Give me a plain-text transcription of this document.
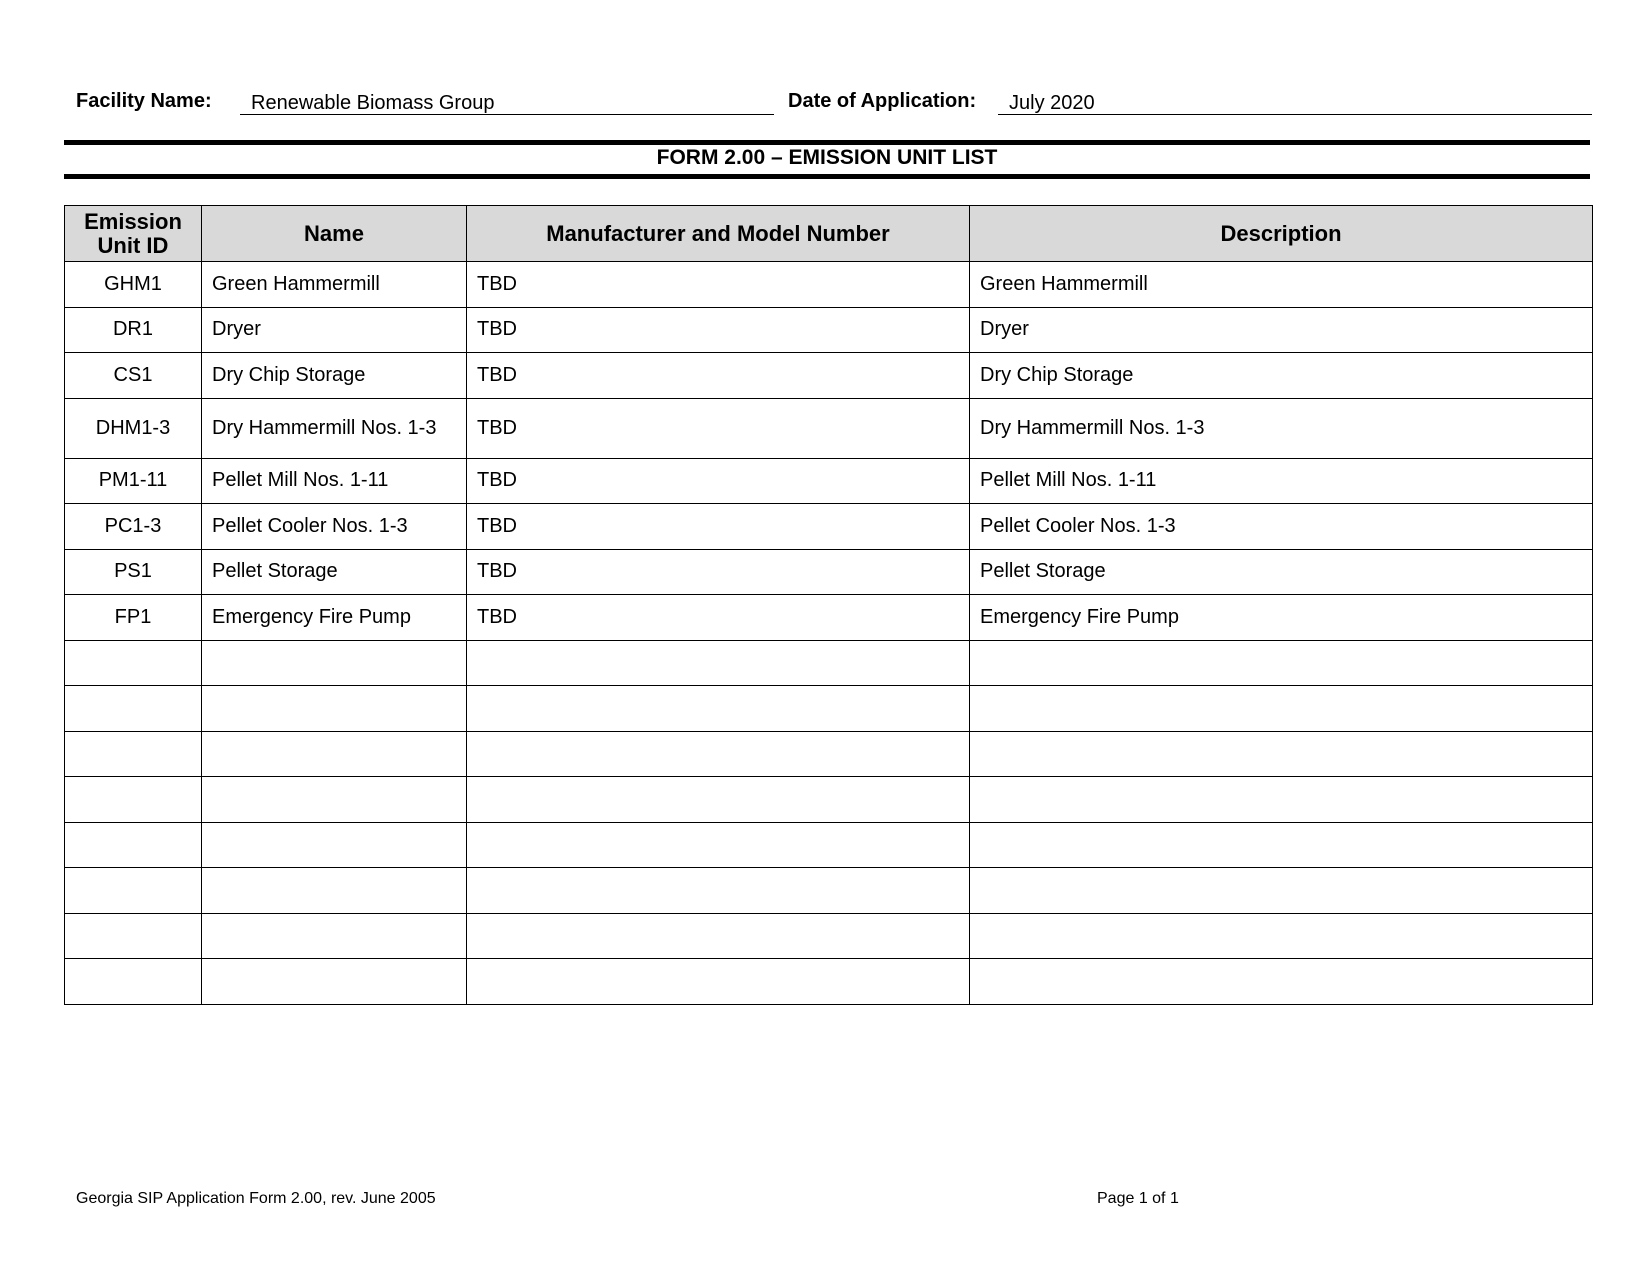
Facility Name:	Renewable Biomass Group	Date of Application:	July 2020
FORM 2.00 – EMISSION UNIT LIST
Emission Unit ID	Name	Manufacturer and Model Number	Description
GHM1	Green Hammermill	TBD	Green Hammermill
DR1	Dryer	TBD	Dryer
CS1	Dry Chip Storage	TBD	Dry Chip Storage
DHM1-3	Dry Hammermill Nos. 1-3	TBD	Dry Hammermill Nos. 1-3
PM1-11	Pellet Mill Nos. 1-11	TBD	Pellet Mill Nos. 1-11
PC1-3	Pellet Cooler Nos. 1-3	TBD	Pellet Cooler Nos. 1-3
PS1	Pellet Storage	TBD	Pellet Storage
FP1	Emergency Fire Pump	TBD	Emergency Fire Pump

Georgia SIP Application Form 2.00, rev. June 2005	Page 1 of 1
